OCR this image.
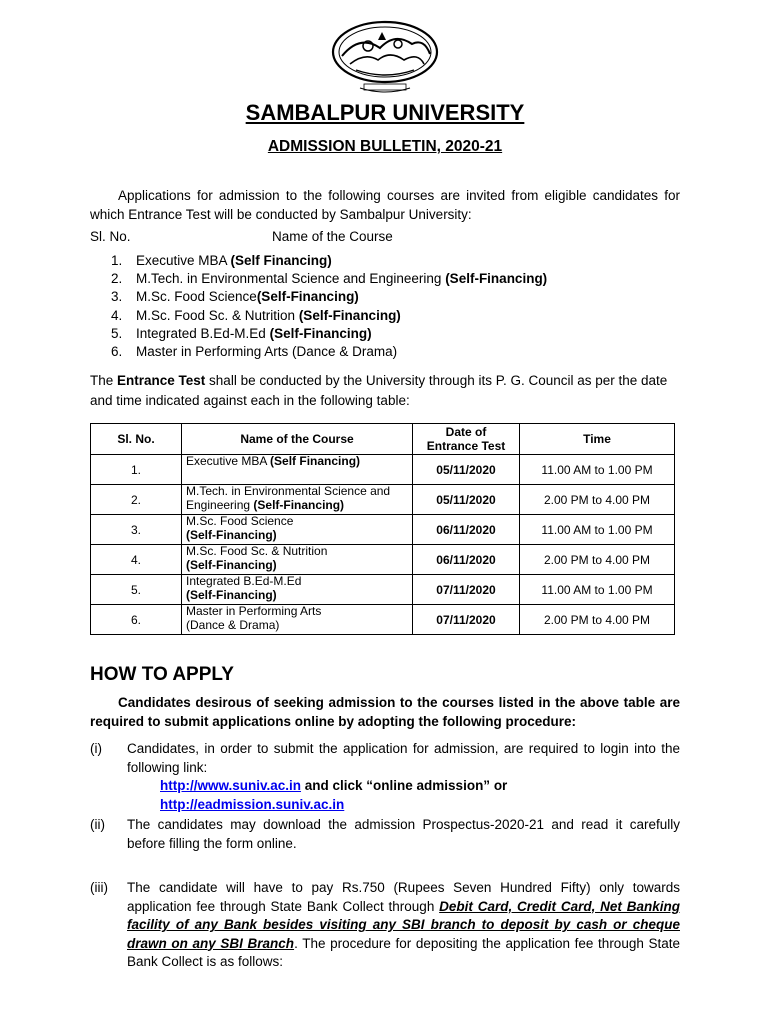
SAMBALPUR UNIVERSITY
ADMISSION BULLETIN, 2020-21
Applications for admission to the following courses are invited from eligible candidates for which Entrance Test will be conducted by Sambalpur University:
Sl. No.	Name of the Course
1.	Executive MBA (Self Financing)
2.	M.Tech. in Environmental Science and Engineering (Self-Financing)
3.	M.Sc. Food Science(Self-Financing)
4.	M.Sc. Food Sc. & Nutrition (Self-Financing)
5.	Integrated B.Ed-M.Ed (Self-Financing)
6.	Master in Performing Arts (Dance & Drama)
The Entrance Test shall be conducted by the University through its P. G. Council as per the date and time indicated against each in the following table:
Sl. No.	Name of the Course	Date of
Entrance Test	Time
1.	Executive MBA (Self Financing)	05/11/2020	11.00 AM to 1.00 PM
2.	M.Tech. in Environmental Science and
Engineering (Self-Financing)	05/11/2020	2.00 PM to 4.00 PM
3.	M.Sc. Food Science
(Self-Financing)	06/11/2020	11.00 AM to 1.00 PM
4.	M.Sc. Food Sc. & Nutrition
(Self-Financing)	06/11/2020	2.00 PM to 4.00 PM
5.	Integrated B.Ed-M.Ed
(Self-Financing)	07/11/2020	11.00 AM to 1.00 PM
6.	Master in Performing Arts
(Dance & Drama)	07/11/2020	2.00 PM to 4.00 PM
HOW TO APPLY
Candidates desirous of seeking admission to the courses listed in the above table are required to submit applications online by adopting the following procedure:
(i) Candidates, in order to submit the application for admission, are required to login into the following link:
http://www.suniv.ac.in and click “online admission” or
http://eadmission.suniv.ac.in
(ii) The candidates may download the admission Prospectus-2020-21 and read it carefully before filling the form online.
(iii) The candidate will have to pay Rs.750 (Rupees Seven Hundred Fifty) only towards application fee through State Bank Collect through Debit Card, Credit Card, Net Banking facility of any Bank besides visiting any SBI branch to deposit by cash or cheque drawn on any SBI Branch. The procedure for depositing the application fee through State Bank Collect is as follows:
